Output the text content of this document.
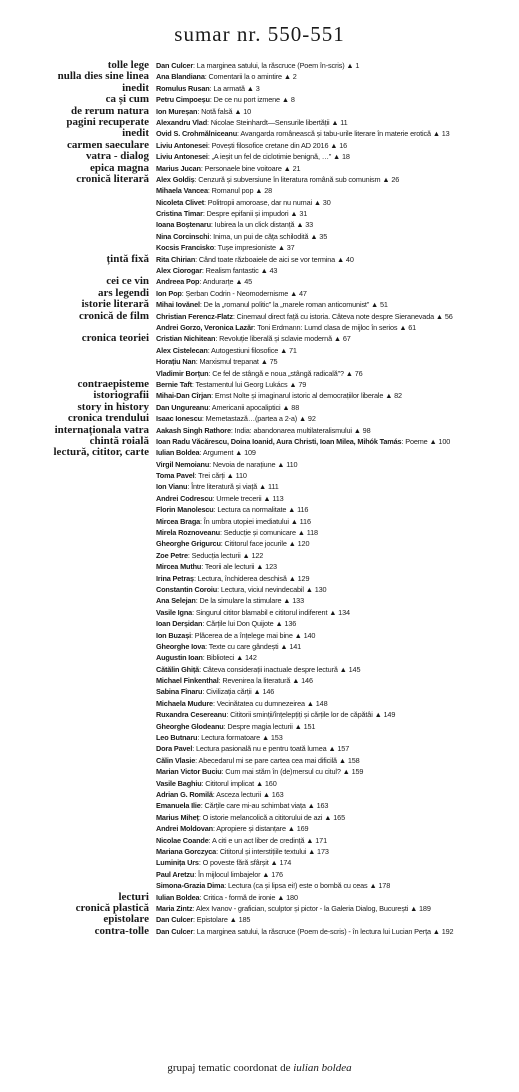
sumar nr. 550-551
tolle lege Dan Culcer: La marginea satului, la răscruce (Poem în-scris) ▲ 1
nulla dies sine linea Ana Blandiana: Comentarii la o amintire ▲ 2
inedit Romulus Rusan: La armată ▲ 3
ca și cum Petru Cimpoeșu: De ce nu port izmene ▲ 8
de rerum natura Ion Mureșan: Notă falsă ▲ 10
pagini recuperate Alexandru Vlad: Nicolae Steinhardt—Sensurile libertății ▲ 11
inedit Ovid S. Crohmălniceanu: Avangarda românească și tabu-urile literare în materie erotică ▲ 13
carmen saeculare Liviu Antonesei: Povești filosofice cretane din AD 2016 ▲ 16
vatra - dialog Liviu Antonesei: „A ieșit un fel de ciclotimie benignă, …” ▲ 18
epica magna Marius Jucan: Personaele bine voitoare ▲ 21
cronică literară Alex Goldiș: Cenzură și subversiune în literatura română sub comunism ▲ 26
Mihaela Vancea: Romanul pop ▲ 28
Nicoleta Clivet: Politropii amoroase, dar nu numai ▲ 30
Cristina Timar: Despre epifanii și impudori ▲ 31
Ioana Boștenaru: Iubirea la un click distanță ▲ 33
Nina Corcinschi: Inima, un pui de căța schilodită ▲ 35
Kocsis Francisko: Tușe impresioniste ▲ 37
țintă fixă Rita Chirian: Când toate războaiele de aici se vor termina ▲ 40
Alex Ciorogar: Realism fantastic ▲ 43
cei ce vin Andreea Pop: Andurarțe ▲ 45
ars legendi Ion Pop: Șerban Codrin - Neomodernisme ▲ 47
istorie literară Mihai Iovănel: De la „romanul politic” la „marele roman anticomunist” ▲ 51
cronică de film Christian Ferencz-Flatz: Cinemaul direct față cu istoria. Câteva note despre Sieranevada ▲ 56
Andrei Gorzo, Veronica Lazăr: Toni Erdmann: Lumd clasa de mijloc în serios ▲ 61
cronica teoriei Cristian Nichitean: Revoluție liberală și sclavie modernă ▲ 67
Alex Cistelecan: Autogestiuni filosofice ▲ 71
Horațiu Nan: Marxismul trepanat ▲ 75
Vladimir Borțun: Ce fel de stângă e noua „stângă radicală”? ▲ 76
contraepisteme Bernie Taft: Testamentul lui Georg Lukács ▲ 79
istoriografii Mihai-Dan Cîrjan: Ernst Nolte și imaginarul istoric al democrațiilor liberale ▲ 82
story in history Dan Ungureanu: Americanii apocaliptici ▲ 88
cronica trendului Isaac Ionescu: Memetastază…(partea a 2-a) ▲ 92
internaționala vatra Aakash Singh Rathore: India: abandonarea multilateralismului ▲ 98
chintă roială Ioan Radu Văcărescu, Doina Ioanid, Aura Christi, Ioan Milea, Mihók Tamás: Poeme ▲ 100
lectură, cititor, carte Iulian Boldea: Argument ▲ 109
Virgil Nemoianu: Nevoia de narațiune ▲ 110
Toma Pavel: Trei cărți ▲ 110
Ion Vianu: Între literatură și viață ▲ 111
Andrei Codrescu: Urmele trecerii ▲ 113
Florin Manolescu: Lectura ca normalitate ▲ 116
Mircea Braga: În umbra utopiei imediatului ▲ 116
Mirela Roznoveanu: Seducție și comunicare ▲ 118
Gheorghe Grigurcu: Cititorul face jocurile ▲ 120
Zoe Petre: Seducția lecturii ▲ 122
Mircea Muthu: Teorii ale lecturii ▲ 123
Irina Petraș: Lectura, închiderea deschisă ▲ 129
Constantin Coroiu: Lectura, viciul nevindecabil ▲ 130
Ana Selejan: De la simulare la stimulare ▲ 133
Vasile Igna: Singurul cititor blamabil e cititorul indiferent ▲ 134
Ioan Derșidan: Cărțile lui Don Quijote ▲ 136
Ion Buzași: Plăcerea de a înțelege mai bine ▲ 140
Gheorghe Iova: Texte cu care gândești ▲ 141
Augustin Ioan: Biblioteci ▲ 142
Cătălin Ghiță: Câteva considerații inactuale despre lectură ▲ 145
Michael Finkenthal: Revenirea la literatură ▲ 146
Sabina Fînaru: Civilizația cărții ▲ 146
Michaela Mudure: Vecinătatea cu dumnezeirea ▲ 148
Ruxandra Cesereanu: Cititorii sminții/înțelepțiți și cărțile lor de căpătâi ▲ 149
Gheorghe Glodeanu: Despre magia lecturii ▲ 151
Leo Butnaru: Lectura formatoare ▲ 153
Dora Pavel: Lectura pasională nu e pentru toată lumea ▲ 157
Călin Vlasie: Abecedarul mi se pare cartea cea mai dificilă ▲ 158
Marian Victor Buciu: Cum mai stăm în (de)mersul cu citul? ▲ 159
Vasile Baghiu: Cititorul implicat ▲ 160
Adrian G. Romilă: Asceza lecturii ▲ 163
Emanuela Ilie: Cărțile care mi-au schimbat viața ▲ 163
Marius Miheț: O istorie melancolică a cititorului de azi ▲ 165
Andrei Moldovan: Apropiere și distanțare ▲ 169
Nicolae Coande: A citi e un act liber de credință ▲ 171
Mariana Gorczyca: Cititorul și interstițiile textului ▲ 173
Luminița Urs: O poveste fără sfârșit ▲ 174
Paul Aretzu: În mijlocul limbajelor ▲ 176
Simona-Grazia Dima: Lectura (ca și lipsa ei!) este o bombă cu ceas ▲ 178
lecturi Iulian Boldea: Critica - formă de ironie ▲ 180
cronică plastică Maria Zintz: Alex Ivanov - grafician, sculptor și pictor - la Galeria Dialog, București ▲ 189
epistolare Dan Culcer: Epistolare ▲ 185
contra-tolle Dan Culcer: La marginea satului, la răscruce (Poem de-scris) - în lectura lui Lucian Perța ▲ 192
grupaj tematic coordonat de iulian boldea
